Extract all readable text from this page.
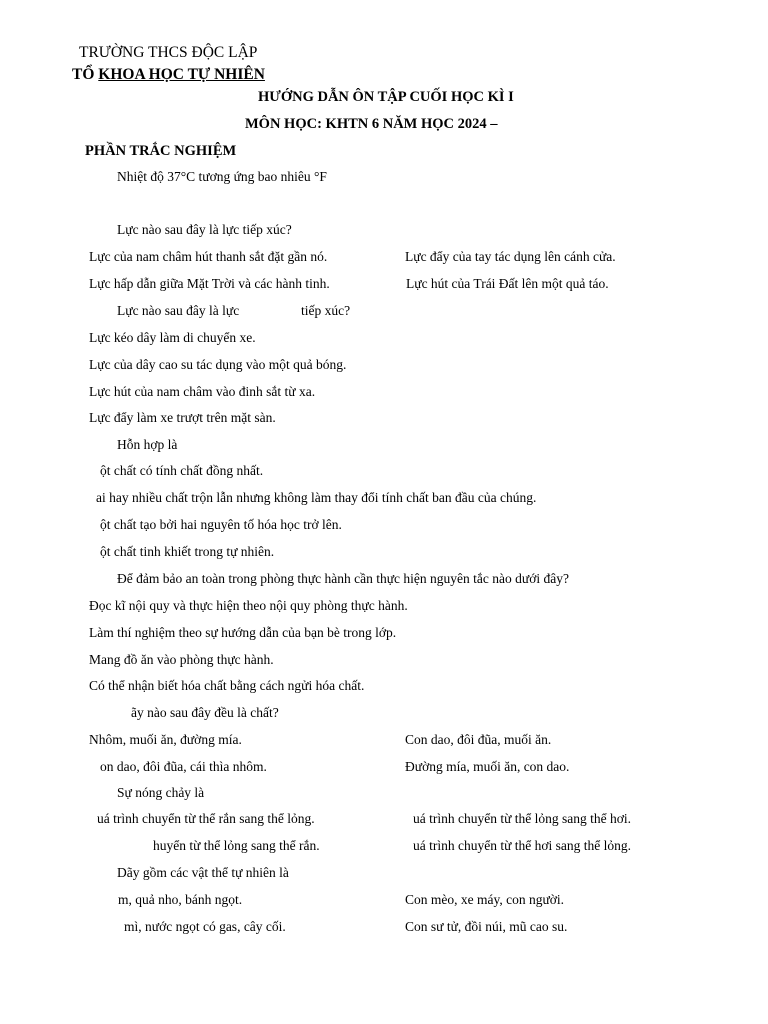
TRƯỜNG THCS ĐỘC LẬP
TỔ KHOA HỌC TỰ NHIÊN
HƯỚNG DẪN ÔN TẬP CUỐI HỌC KÌ I
MÔN HỌC: KHTN 6 NĂM HỌC 2024 –
PHẦN TRẮC NGHIỆM
Nhiệt độ 37°C tương ứng bao nhiêu °F
Lực nào sau đây là lực tiếp xúc?
Lực của nam châm hút thanh sắt đặt gần nó.	Lực đẩy của tay tác dụng lên cánh cửa.
Lực hấp dẫn giữa Mặt Trời và các hành tinh.	Lực hút của Trái Đất lên một quả táo.
Lực nào sau đây là lực	tiếp xúc?
Lực kéo dây làm di chuyển xe.
Lực của dây cao su tác dụng vào một quả bóng.
Lực hút của nam châm vào đinh sắt từ xa.
Lực đẩy làm xe trượt trên mặt sàn.
Hỗn hợp là
ột chất có tính chất đồng nhất.
ai hay nhiều chất trộn lẫn nhưng không làm thay đổi tính chất ban đầu của chúng.
ột chất tạo bởi hai nguyên tố hóa học trở lên.
ột chất tinh khiết trong tự nhiên.
Để đảm bảo an toàn trong phòng thực hành cần thực hiện nguyên tắc nào dưới đây?
Đọc kĩ nội quy và thực hiện theo nội quy phòng thực hành.
Làm thí nghiệm theo sự hướng dẫn của bạn bè trong lớp.
Mang đồ ăn vào phòng thực hành.
Có thể nhận biết hóa chất bằng cách ngửi hóa chất.
ãy nào sau đây đều là chất?
Nhôm, muối ăn, đường mía.	Con dao, đôi đũa, muối ăn.
on dao, đôi đũa, cái thìa nhôm.	Đường mía, muối ăn, con dao.
Sự nóng chảy là
uá trình chuyển từ thể rắn sang thể lỏng.	uá trình chuyển từ thể lỏng sang thể hơi.
huyển từ thể lỏng sang thể rắn.	uá trình chuyển từ thể hơi sang thể lỏng.
Dãy gồm các vật thể tự nhiên là
m, quả nho, bánh ngọt.	Con mèo, xe máy, con người.
mì, nước ngọt có gas, cây cối.	Con sư tử, đồi núi, mũ cao su.
